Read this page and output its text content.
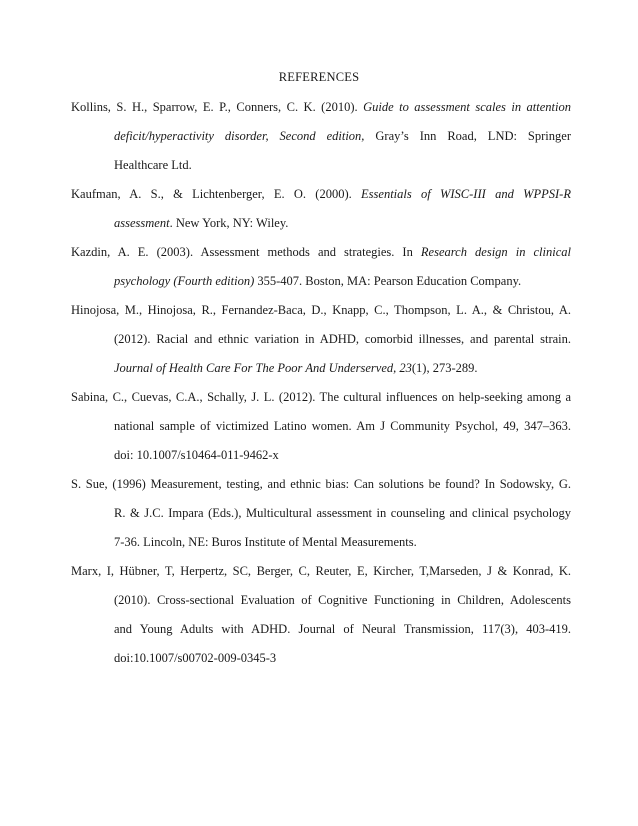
REFERENCES
Kollins, S. H., Sparrow, E. P., Conners, C. K. (2010). Guide to assessment scales in attention
deficit/hyperactivity disorder, Second edition, Gray’s Inn Road, LND: Springer
Healthcare Ltd.
Kaufman, A. S., & Lichtenberger, E. O. (2000). Essentials of WISC-III and WPPSI-R
assessment. New York, NY: Wiley.
Kazdin, A. E. (2003). Assessment methods and strategies. In Research design in clinical
psychology (Fourth edition) 355-407. Boston, MA: Pearson Education Company.
Hinojosa, M., Hinojosa, R., Fernandez-Baca, D., Knapp, C., Thompson, L. A., & Christou, A.
(2012). Racial and ethnic variation in ADHD, comorbid illnesses, and parental strain.
Journal of Health Care For The Poor And Underserved, 23(1), 273-289.
Sabina, C., Cuevas, C.A., Schally, J. L. (2012). The cultural influences on help-seeking among a
national sample of victimized Latino women. Am J Community Psychol, 49, 347–363.
doi: 10.1007/s10464-011-9462-x
S. Sue, (1996) Measurement, testing, and ethnic bias: Can solutions be found? In Sodowsky, G.
R. & J.C. Impara (Eds.), Multicultural assessment in counseling and clinical psychology
7-36. Lincoln, NE: Buros Institute of Mental Measurements.
Marx, I, Hübner, T, Herpertz, SC, Berger, C, Reuter, E, Kircher, T,Marseden, J & Konrad, K.
(2010). Cross-sectional Evaluation of Cognitive Functioning in Children, Adolescents
and Young Adults with ADHD. Journal of Neural Transmission, 117(3), 403-419.
doi:10.1007/s00702-009-0345-3
